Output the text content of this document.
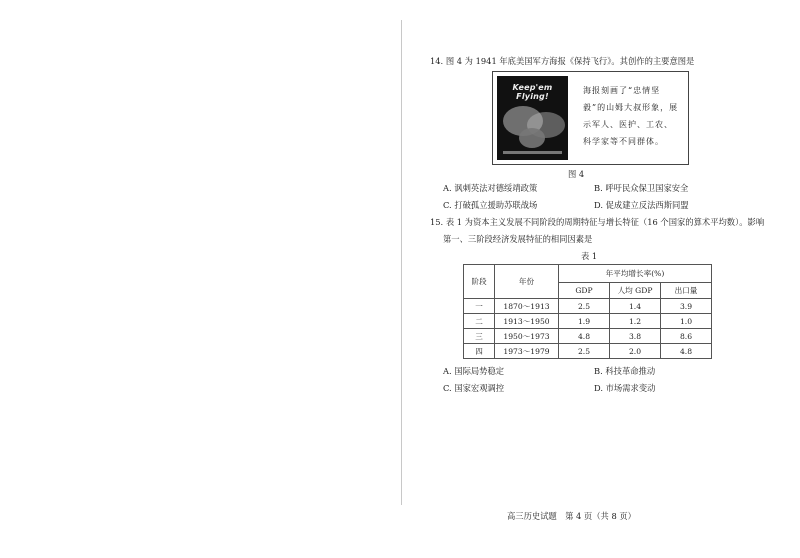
14. 图 4 为 1941 年底美国军方海报《保持飞行》。其创作的主要意图是
Keep'em Flying!
海报刻画了“忠情坚毅”的山姆大叔形象，展示军人、医护、工农、科学家等不同群体。
图 4
A. 讽刺英法对德绥靖政策	B. 呼吁民众保卫国家安全
C. 打破孤立援助苏联战场	D. 促成建立反法西斯同盟
15. 表 1 为资本主义发展不同阶段的周期特征与增长特征（16 个国家的算术平均数）。影响
第一、三阶段经济发展特征的相同因素是
表 1
阶段	年份	年平均增长率(%)		
		GDP	人均 GDP	出口量
一	1870～1913	2.5	1.4	3.9
二	1913～1950	1.9	1.2	1.0
三	1950～1973	4.8	3.8	8.6
四	1973～1979	2.5	2.0	4.8
A. 国际局势稳定	B. 科技革命推动
C. 国家宏观调控	D. 市场需求变动
高三历史试题　第 4 页（共 8 页）
